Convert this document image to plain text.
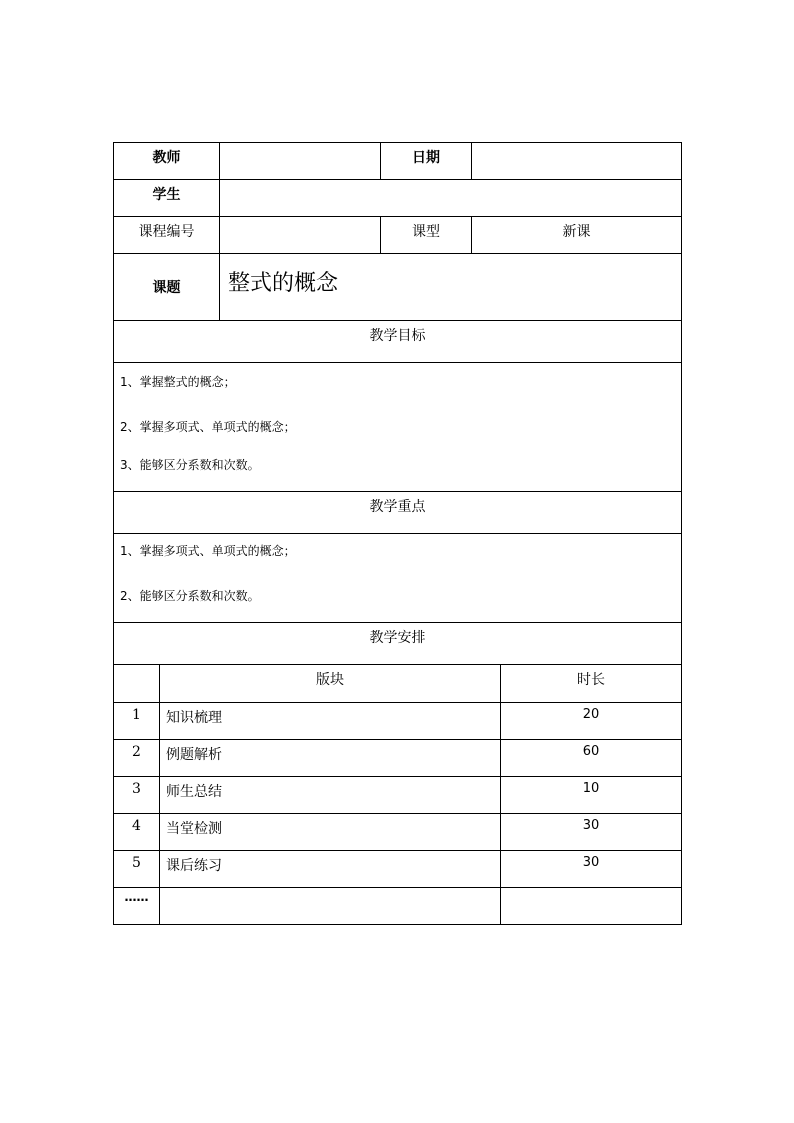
教师		日期	
学生			
课程编号		课型	新课
课题	整式的概念		
教学目标			

1、掌握整式的概念；
2、掌握多项式、单项式的概念；
3、能够区分系数和次数。			

教学重点			

1、掌握多项式、单项式的概念；
2、能够区分系数和次数。			

教学安排			
	版块	时长
1	知识梳理	20
2	例题解析	60
3	师生总结	10
4	当堂检测	30
5	课后练习	30
……		
